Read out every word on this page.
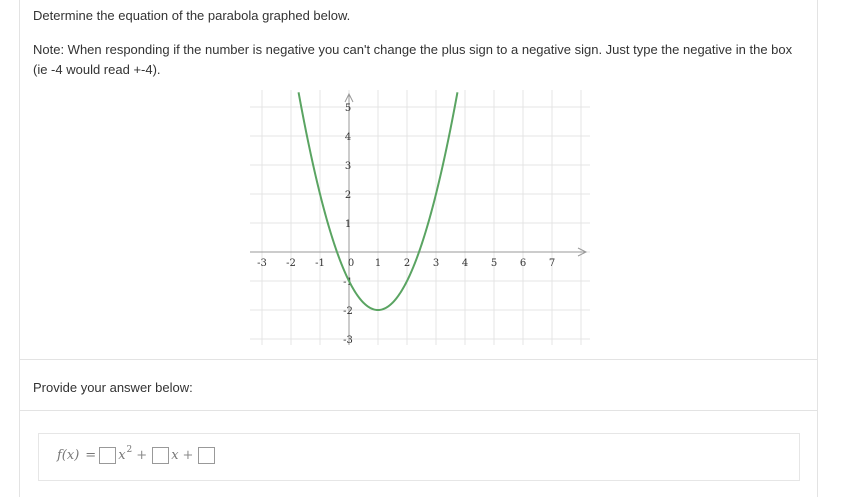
Determine the equation of the parabola graphed below.
Note: When responding if the number is negative you can't change the plus sign to a negative sign. Just type the negative in the box (ie -4 would read +-4).
-3 -2 -1 0 1 2 3 4 5 6 7
5
4
3
2
1
-1
-2
-3
Provide your answer below:
f(x) = x 2 + x +
